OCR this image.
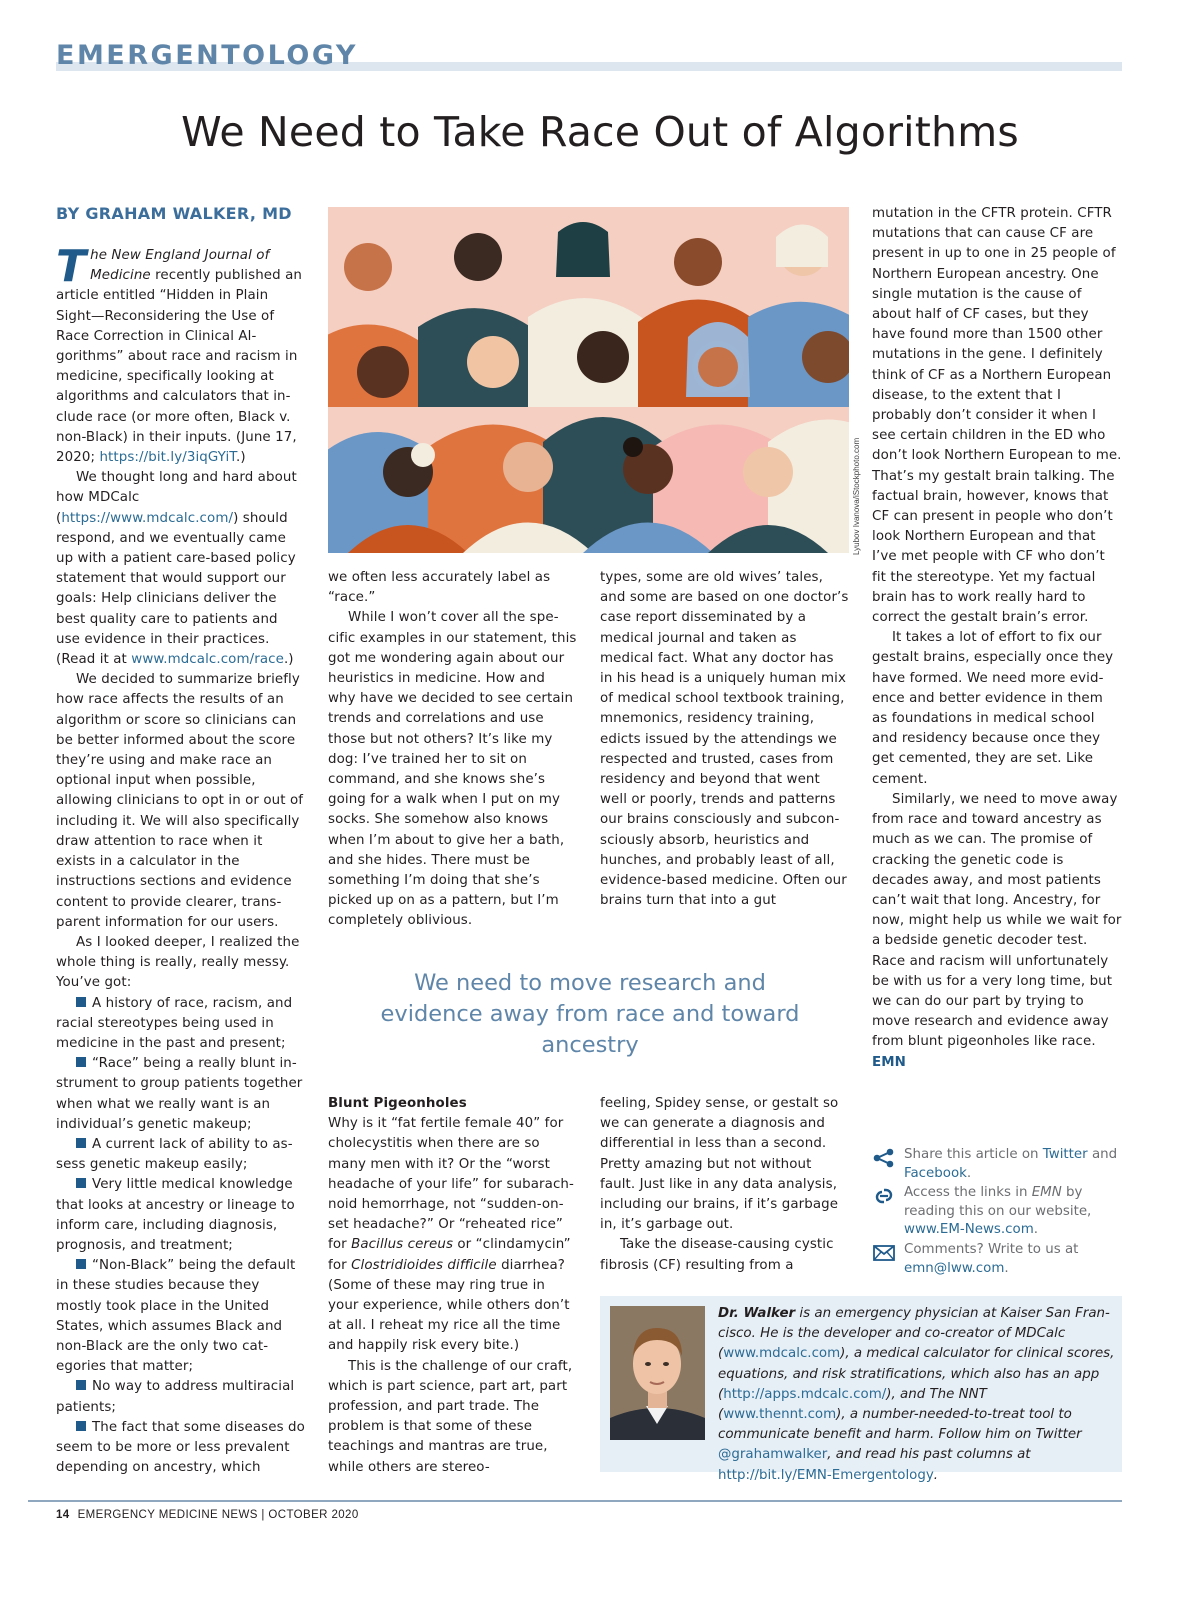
EMERGENTOLOGY
We Need to Take Race Out of Algorithms
BY GRAHAM WALKER, MD

The New England Journal of Medicine recently published an article entitled “Hidden in Plain Sight—Reconsidering the Use of Race Correction in Clinical Algorithms” about race and racism in medicine, specifically looking at algorithms and calculators that include race (or more often, Black v. non-Black) in their inputs. (June 17, 2020; https://bit.ly/3iqGYiT.)

We thought long and hard about how MDCalc (https://www.mdcalc.com/) should respond, and we eventually came up with a patient care-based policy statement that would support our goals: Help clinicians deliver the best quality care to patients and use evidence in their practices. (Read it at www.mdcalc.com/race.)

We decided to summarize briefly how race affects the results of an algorithm or score so clinicians can be better informed about the score they’re using and make race an optional input when possible, allowing clinicians to opt in or out of including it. We will also specifically draw attention to race when it exists in a calculator in the instructions sections and evidence content to provide clearer, transparent information for our users.

As I looked deeper, I realized the whole thing is really, really messy. You’ve got:

A history of race, racism, and racial stereotypes being used in medicine in the past and present;

“Race” being a really blunt instrument to group patients together when what we really want is an individual’s genetic makeup;

A current lack of ability to assess genetic makeup easily;

Very little medical knowledge that looks at ancestry or lineage to inform care, including diagnosis, prognosis, and treatment;

“Non-Black” being the default in these studies because they mostly took place in the United States, which assumes Black and non-Black are the only two categories that matter;

No way to address multiracial patients;

The fact that some diseases do seem to be more or less prevalent depending on ancestry, which

Lyubov Ivanova/iStockphoto.com

we often less accurately label as “race.”

While I won’t cover all the specific examples in our statement, this got me wondering again about our heuristics in medicine. How and why have we decided to see certain trends and correlations and use those but not others? It’s like my dog: I’ve trained her to sit on command, and she knows she’s going for a walk when I put on my socks. She somehow also knows when I’m about to give her a bath, and she hides. There must be something I’m doing that she’s picked up on as a pattern, but I’m completely oblivious.

types, some are old wives’ tales, and some are based on one doctor’s case report disseminated by a medical journal and taken as medical fact. What any doctor has in his head is a uniquely human mix of medical school textbook training, mnemonics, residency training, edicts issued by the attendings we respected and trusted, cases from residency and beyond that went well or poorly, trends and patterns our brains consciously and subconsciously absorb, heuristics and hunches, and probably least of all, evidence-based medicine. Often our brains turn that into a gut

We need to move research and evidence away from race and toward ancestry

Blunt Pigeonholes

Why is it “fat fertile female 40” for cholecystitis when there are so many men with it? Or the “worst headache of your life” for subarachnoid hemorrhage, not “sudden-onset headache?” Or “reheated rice” for Bacillus cereus or “clindamycin” for Clostridioides difficile diarrhea? (Some of these may ring true in your experience, while others don’t at all. I reheat my rice all the time and happily risk every bite.)

This is the challenge of our craft, which is part science, part art, part profession, and part trade. The problem is that some of these teachings and mantras are true, while others are stereo-

feeling, Spidey sense, or gestalt so we can generate a diagnosis and differential in less than a second. Pretty amazing but not without fault. Just like in any data analysis, including our brains, if it’s garbage in, it’s garbage out.

Take the disease-causing cystic fibrosis (CF) resulting from a

mutation in the CFTR protein. CFTR mutations that can cause CF are present in up to one in 25 people of Northern European ancestry. One single mutation is the cause of about half of CF cases, but they have found more than 1500 other mutations in the gene. I definitely think of CF as a Northern European disease, to the extent that I probably don’t consider it when I see certain children in the ED who don’t look Northern European to me. That’s my gestalt brain talking. The factual brain, however, knows that CF can present in people who don’t look Northern European and that I’ve met people with CF who don’t fit the stereotype. Yet my factual brain has to work really hard to correct the gestalt brain’s error.

It takes a lot of effort to fix our gestalt brains, especially once they have formed. We need more evidence and better evidence in them as foundations in medical school and residency because once they get cemented, they are set. Like cement.

Similarly, we need to move away from race and toward ancestry as much as we can. The promise of cracking the genetic code is decades away, and most patients can’t wait that long. Ancestry, for now, might help us while we wait for a bedside genetic decoder test. Race and racism will unfortunately be with us for a very long time, but we can do our part by trying to move research and evidence away from blunt pigeonholes like race. EMN

Share this article on Twitter and Facebook.
Access the links in EMN by reading this on our website, www.EM-News.com.
Comments? Write to us at emn@lww.com.

Dr. Walker is an emergency physician at Kaiser San Francisco. He is the developer and co-creator of MDCalc (www.mdcalc.com), a medical calculator for clinical scores, equations, and risk stratifications, which also has an app (http://apps.mdcalc.com/), and The NNT (www.thennt.com), a number-needed-to-treat tool to communicate benefit and harm. Follow him on Twitter @grahamwalker, and read his past columns at http://bit.ly/EMN-Emergentology.

14 EMERGENCY MEDICINE NEWS | OCTOBER 2020
